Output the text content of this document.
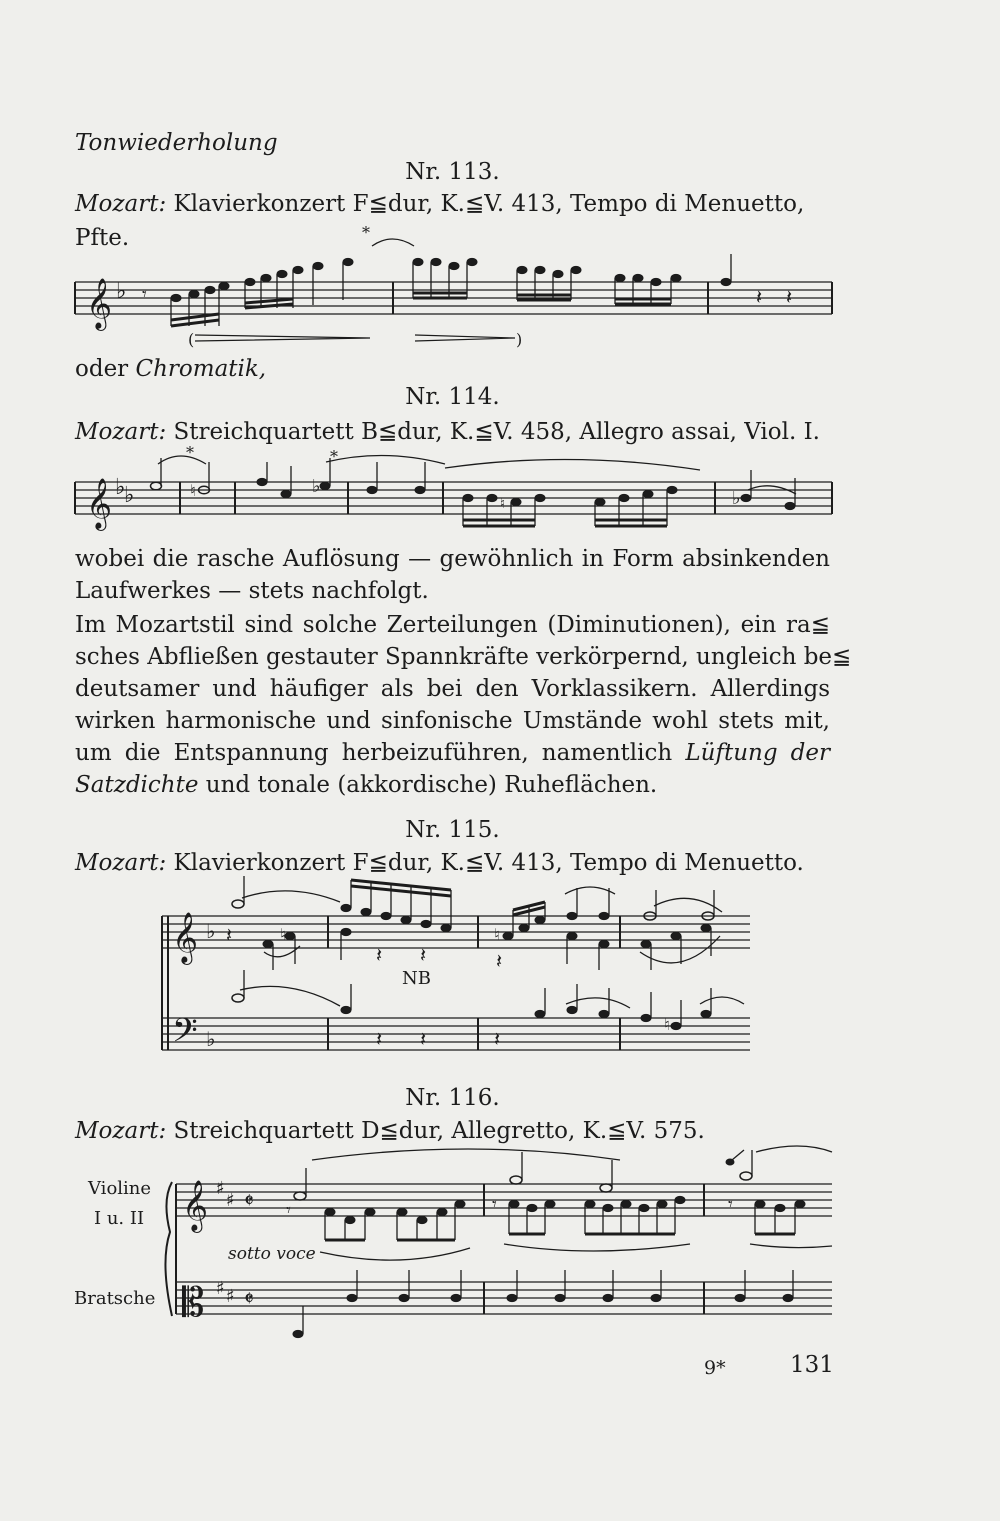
Tonwiederholung
Nr. 113.
Mozart: Klavierkonzert F≦dur, K.≦V. 413, Tempo di Menuetto,
Pfte.
𝄞 ♭ 𝄾	𝄽 𝄽
*
(	)
oder Chromatik,
Nr. 114.
Mozart: Streichquartett B≦dur, K.≦V. 458, Allegro assai, Viol. I.
𝄞 ♭
♭	♭
♭
♮
♮
*	*
wobei die rasche Auflösung — gewöhnlich in Form absinkenden
Laufwerkes — stets nachfolgt.
Im Mozartstil sind solche Zerteilungen (Diminutionen), ein ra≦
sches Abfließen gestauter Spannkräfte verkörpernd, ungleich be≦
deutsamer und häufiger als bei den Vorklassikern. Allerdings
wirken harmonische und sinfonische Umstände wohl stets mit,
um die Entspannung herbeizuführen, namentlich Lüftung der
Satzdichte und tonale (akkordische) Ruheflächen.
Nr. 115.
Mozart: Klavierkonzert F≦dur, K.≦V. 413, Tempo di Menuetto.
𝄞 ♭
𝄢 ♭
♮	♮
♮
𝄽
𝄽 𝄽	𝄽
𝄽 𝄽	𝄽
NB
Nr. 116.
Mozart: Streichquartett D≦dur, Allegretto, K.≦V. 575.
Violine
I u. II
Bratsche
sotto voce
𝄞 ♯
♯ 𝄵
𝄡 ♯ ♯ 𝄵
𝄾	𝄾	𝄾
9*	131
